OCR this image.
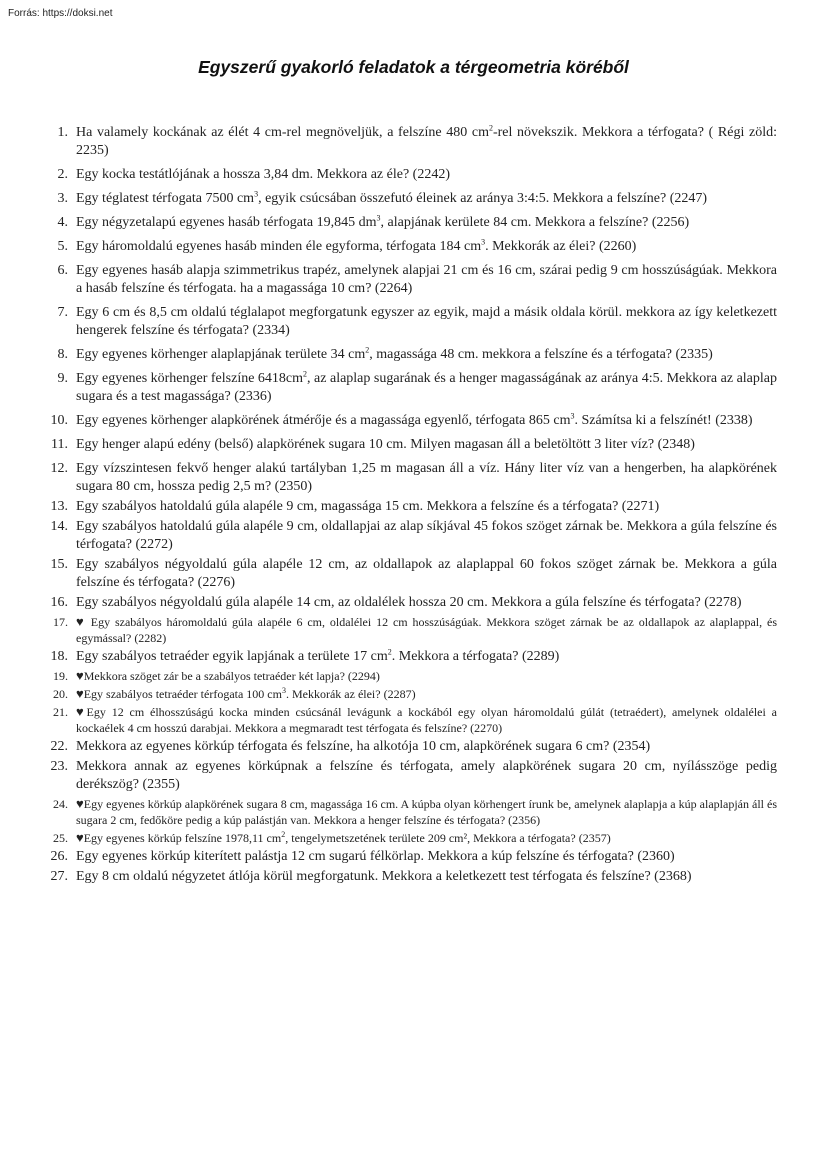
Forrás: https://doksi.net
Egyszerű gyakorló feladatok a térgeometria köréből
1. Ha valamely kockának az élét 4 cm-rel megnöveljük, a felszíne 480 $cm^2$-rel növekszik. Mekkora a térfogata? ( Régi zöld: 2235)
2. Egy kocka testátlójának a hossza 3,84 dm. Mekkora az éle? (2242)
3. Egy téglatest térfogata 7500 $cm^3$, egyik csúcsában összefutó éleinek az aránya 3:4:5. Mekkora a felszíne? (2247)
4. Egy négyzetalapú egyenes hasáb térfogata 19,845 $dm^3$, alapjának kerülete 84 cm. Mekkora a felszíne? (2256)
5. Egy háromoldalú egyenes hasáb minden éle egyforma, térfogata 184 $cm^3$. Mekkorák az élei? (2260)
6. Egy egyenes hasáb alapja szimmetrikus trapéz, amelynek alapjai 21 cm és 16 cm, szárai pedig 9 cm hosszúságúak. Mekkora a hasáb felszíne és térfogata. ha a magassága 10 cm? (2264)
7. Egy 6 cm és 8,5 cm oldalú téglalapot megforgatunk egyszer az egyik, majd a másik oldala körül. mekkora az így keletkezett hengerek felszíne és térfogata? (2334)
8. Egy egyenes körhenger alaplapjának területe 34 $cm^2$, magassága 48 cm. mekkora a felszíne és a térfogata? (2335)
9. Egy egyenes körhenger felszíne $6418cm^2$, az alaplap sugarának és a henger magasságának az aránya 4:5. Mekkora az alaplap sugara és a test magassága? (2336)
10. Egy egyenes körhenger alapkörének átmérője és a magassága egyenlő, térfogata 865 $cm^3$. Számítsa ki a felszínét! (2338)
11. Egy henger alapú edény (belső) alapkörének sugara 10 cm. Milyen magasan áll a beletöltött 3 liter víz? (2348)
12. Egy vízszintesen fekvő henger alakú tartályban 1,25 m magasan áll a víz. Hány liter víz van a hengerben, ha alapkörének sugara 80 cm, hossza pedig 2,5 m? (2350)
13. Egy szabályos hatoldalú gúla alapéle 9 cm, magassága 15 cm. Mekkora a felszíne és a térfogata? (2271)
14. Egy szabályos hatoldalú gúla alapéle 9 cm, oldallapjai az alap síkjával 45 fokos szöget zárnak be. Mekkora a gúla felszíne és térfogata? (2272)
15. Egy szabályos négyoldalú gúla alapéle 12 cm, az oldallapok az alaplappal 60 fokos szöget zárnak be. Mekkora a gúla felszíne és térfogata? (2276)
16. Egy szabályos négyoldalú gúla alapéle 14 cm, az oldalélek hossza 20 cm. Mekkora a gúla felszíne és térfogata? (2278)
17. ♥ Egy szabályos háromoldalú gúla alapéle 6 cm, oldalélei 12 cm hosszúságúak. Mekkora szöget zárnak be az oldallapok az alaplappal, és egymással? (2282)
18. Egy szabályos tetraéder egyik lapjának a területe 17 $cm^2$. Mekkora a térfogata? (2289)
19. ♥Mekkora szöget zár be a szabályos tetraéder két lapja? (2294)
20. ♥Egy szabályos tetraéder térfogata 100 $cm^3$. Mekkorák az élei? (2287)
21. ♥Egy 12 cm élhosszúságú kocka minden csúcsánál levágunk a kockából egy olyan háromoldalú gúlát (tetraédert), amelynek oldalélei a kockaélek 4 cm hosszú darabjai. Mekkora a megmaradt test térfogata és felszíne? (2270)
22. Mekkora az egyenes körkúp térfogata és felszíne, ha alkotója 10 cm, alapkörének sugara 6 cm? (2354)
23. Mekkora annak az egyenes körkúpnak a felszíne és térfogata, amely alapkörének sugara 20 cm, nyílásszöge pedig derékszög? (2355)
24. ♥Egy egyenes körkúp alapkörének sugara 8 cm, magassága 16 cm. A kúpba olyan körhengert írunk be, amelynek alaplapja a kúp alaplapján áll és sugara 2 cm, fedőköre pedig a kúp palástján van. Mekkora a henger felszíne és térfogata? (2356)
25. ♥Egy egyenes körkúp felszíne 1978,11 $cm^2$, tengelymetszetének területe 209 cm², Mekkora a térfogata? (2357)
26. Egy egyenes körkúp kiterített palástja 12 cm sugarú félkörlap. Mekkora a kúp felszíne és térfogata? (2360)
27. Egy 8 cm oldalú négyzetet átlója körül megforgatunk. Mekkora a keletkezett test térfogata és felszíne? (2368)
